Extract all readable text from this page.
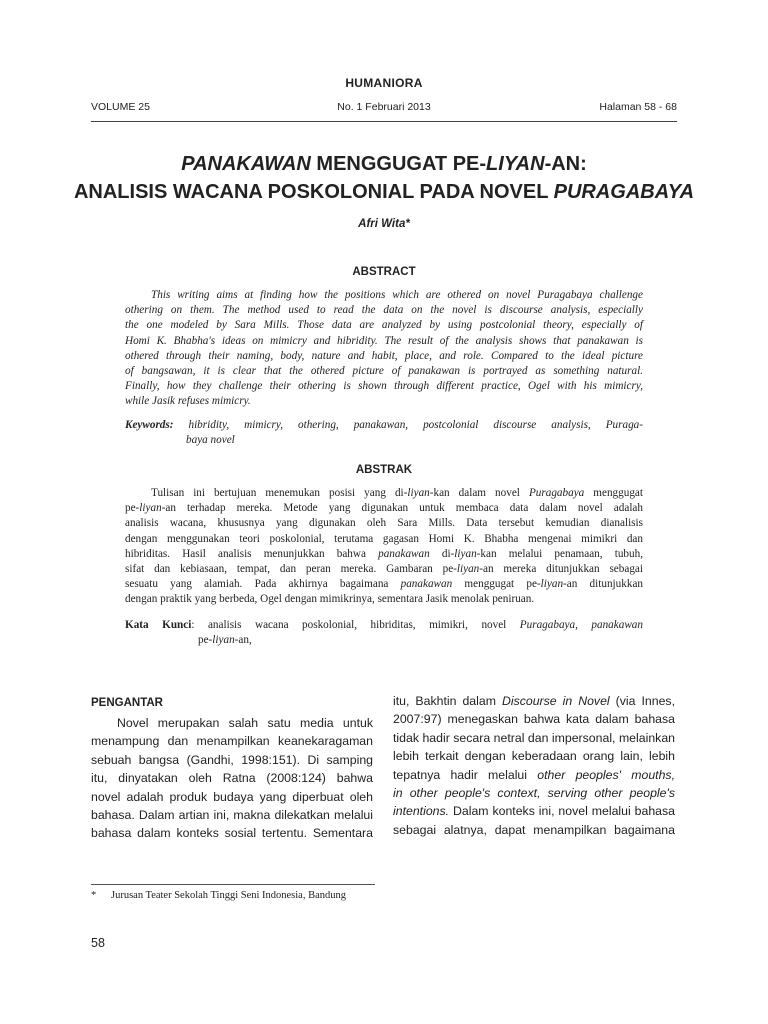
HUMANIORA
VOLUME 25	No. 1 Februari 2013	Halaman 58 - 68
PANAKAWAN MENGGUGAT PE-LIYAN-AN:
ANALISIS WACANA POSKOLONIAL PADA NOVEL PURAGABAYA
Afri Wita*
ABSTRACT
This writing aims at finding how the positions which are othered on novel Puragabaya challenge
othering on them. The method used to read the data on the novel is discourse analysis, especially
the one modeled by Sara Mills. Those data are analyzed by using postcolonial theory, especially of
Homi K. Bhabha's ideas on mimicry and hibridity. The result of the analysis shows that panakawan is
othered through their naming, body, nature and habit, place, and role. Compared to the ideal picture
of bangsawan, it is clear that the othered picture of panakawan is portrayed as something natural.
Finally, how they challenge their othering is shown through different practice, Ogel with his mimicry,
while Jasik refuses mimicry.
Keywords: hibridity, mimicry, othering, panakawan, postcolonial discourse analysis, Puraga-
baya novel
ABSTRAK
Tulisan ini bertujuan menemukan posisi yang di-liyan-kan dalam novel Puragabaya menggugat
pe-liyan-an terhadap mereka. Metode yang digunakan untuk membaca data dalam novel adalah
analisis wacana, khususnya yang digunakan oleh Sara Mills. Data tersebut kemudian dianalisis
dengan menggunakan teori poskolonial, terutama gagasan Homi K. Bhabha mengenai mimikri dan
hibriditas. Hasil analisis menunjukkan bahwa panakawan di-liyan-kan melalui penamaan, tubuh,
sifat dan kebiasaan, tempat, dan peran mereka. Gambaran pe-liyan-an mereka ditunjukkan sebagai
sesuatu yang alamiah. Pada akhirnya bagaimana panakawan menggugat pe-liyan-an ditunjukkan
dengan praktik yang berbeda, Ogel dengan mimikrinya, sementara Jasik menolak peniruan.
Kata Kunci: analisis wacana poskolonial, hibriditas, mimikri, novel Puragabaya, panakawan
pe-liyan-an,
PENGANTAR
Novel merupakan salah satu media untuk
menampung dan menampilkan keanekaragaman
sebuah bangsa (Gandhi, 1998:151). Di samping
itu, dinyatakan oleh Ratna (2008:124) bahwa
novel adalah produk budaya yang diperbuat oleh
bahasa. Dalam artian ini, makna dilekatkan melalui
bahasa dalam konteks sosial tertentu. Sementara
itu, Bakhtin dalam Discourse in Novel (via Innes,
2007:97) menegaskan bahwa kata dalam bahasa
tidak hadir secara netral dan impersonal, melainkan
lebih terkait dengan keberadaan orang lain, lebih
tepatnya hadir melalui other peoples' mouths,
in other people's context, serving other people's
intentions. Dalam konteks ini, novel melalui bahasa
sebagai alatnya, dapat menampilkan bagaimana
* Jurusan Teater Sekolah Tinggi Seni Indonesia, Bandung
58
